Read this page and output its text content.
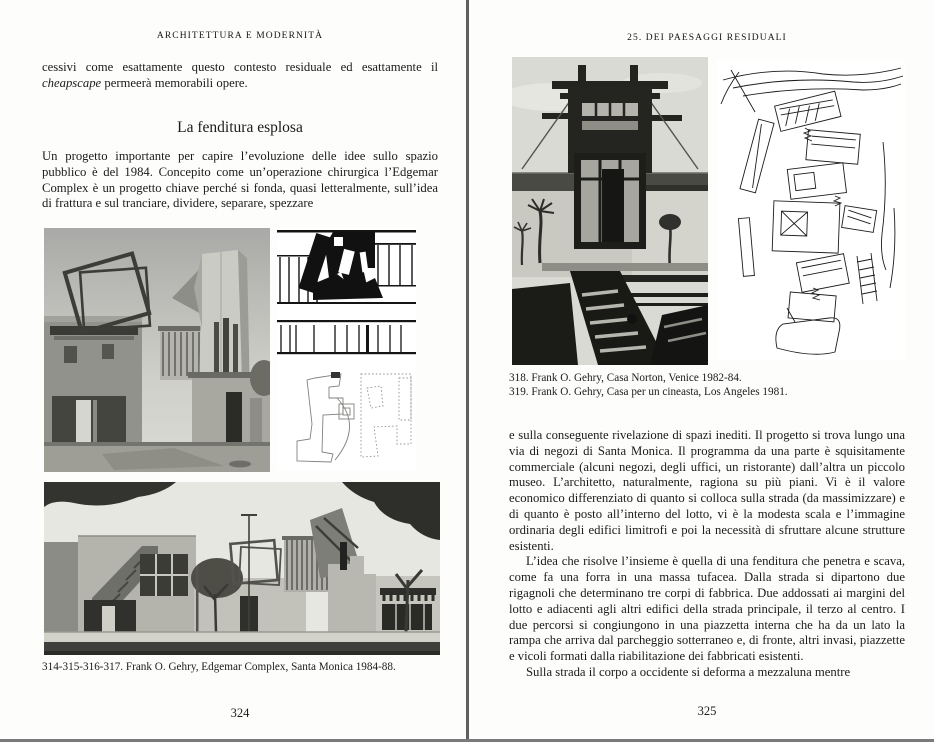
ARCHITETTURA E MODERNITÀ
cessivi come esattamente questo contesto residuale ed esattamente il cheapscape permeerà memorabili opere.
La fenditura esplosa
Un progetto importante per capire l’evoluzione delle idee sullo spazio pubblico è del 1984. Concepito come un’operazione chirurgica l’Edgemar Complex è un progetto chiave perché si fonda, quasi letteralmente, sull’idea di frattura e sul tranciare, dividere, separare, spezzare
314-315-316-317. Frank O. Gehry, Edgemar Complex, Santa Monica 1984-88.
324
25. DEI PAESAGGI RESIDUALI
318. Frank O. Gehry, Casa Norton, Venice 1982-84.
319. Frank O. Gehry, Casa per un cineasta, Los Angeles 1981.

e sulla conseguente rivelazione di spazi inediti. Il progetto si trova lungo una via di negozi di Santa Monica. Il programma da una parte è squisitamente commerciale (alcuni negozi, degli uffici, un ristorante) dall’altra un piccolo museo. L’architetto, naturalmente, ragiona su più piani. Vi è il valore economico differenziato di quanto si colloca sulla strada (da massimizzare) e di quanto è posto all’interno del lotto, vi è la modesta scala e l’immagine ordinaria degli edifici limitrofi e poi la necessità di sfruttare alcune strutture esistenti.

L’idea che risolve l’insieme è quella di una fenditura che penetra e scava, come fa una forra in una massa tufacea. Dalla strada si dipartono due rigagnoli che determinano tre corpi di fabbrica. Due addossati ai margini del lotto e adiacenti agli altri edifici della strada principale, il terzo al centro. I due percorsi si congiungono in una piazzetta interna che ha da un lato la rampa che arriva dal parcheggio sotterraneo e, di fronte, altri invasi, piazzette e vicoli formati dalla riabilitazione dei fabbricati esistenti.

Sulla strada il corpo a occidente si deforma a mezzaluna mentre

325
